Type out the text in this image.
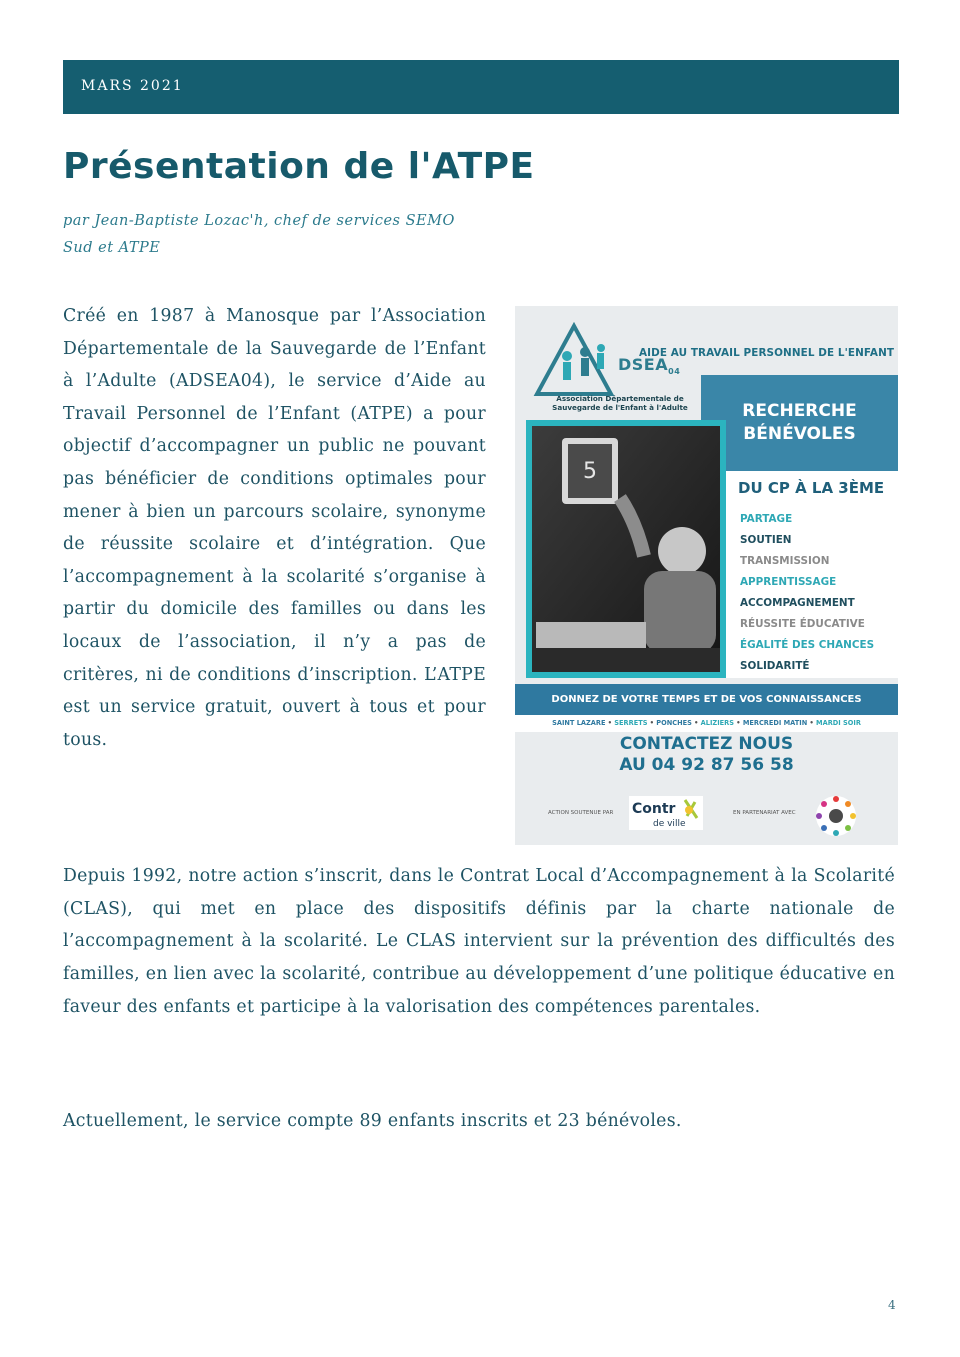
MARS 2021
Présentation de l'ATPE
par Jean-Baptiste Lozac'h, chef de services SEMO
Sud et ATPE

Créé en 1987 à Manosque par l’Association Départementale de la Sauvegarde de l’Enfant à l’Adulte (ADSEA04), le service d’Aide au Travail Personnel de l’Enfant (ATPE) a pour objectif d’accompagner un public ne pouvant pas bénéficier de conditions optimales pour mener à bien un parcours scolaire, synonyme de réussite scolaire et d’intégration. Que l’accompagnement à la scolarité s’organise à partir du domicile des familles ou dans les locaux de l’association, il n’y a pas de critères, ni de conditions d’inscription. L’ATPE est un service gratuit, ouvert à tous et pour tous.

$DSEA_{04}$
AIDE AU TRAVAIL PERSONNEL DE L'ENFANT
Association Départementale de
Sauvegarde de l'Enfant à l'Adulte	RECHERCHE
BÉNÉVOLES
5
DU CP À LA 3ÈME
PARTAGE
SOUTIEN
TRANSMISSION
APPRENTISSAGE
ACCOMPAGNEMENT
RÉUSSITE ÉDUCATIVE
ÉGALITÉ DES CHANCES
SOLIDARITÉ
DONNEZ DE VOTRE TEMPS ET DE VOS CONNAISSANCES
SAINT LAZARE • SERRETS • PONCHES • ALIZIERS • MERCREDI MATIN • MARDI SOIR
CONTACTEZ NOUS
AU 04 92 87 56 58
ACTION SOUTENUE PAR Contr
de ville
EN PARTENARIAT AVEC

Depuis 1992, notre action s’inscrit, dans le Contrat Local d’Accompagnement à la Scolarité (CLAS), qui met en place des dispositifs définis par la charte nationale de l’accompagnement à la scolarité. Le CLAS intervient sur la prévention des difficultés des familles, en lien avec la scolarité, contribue au développement d’une politique éducative en faveur des enfants et participe à la valorisation des compétences parentales.

Actuellement, le service compte 89 enfants inscrits et 23 bénévoles.

4
